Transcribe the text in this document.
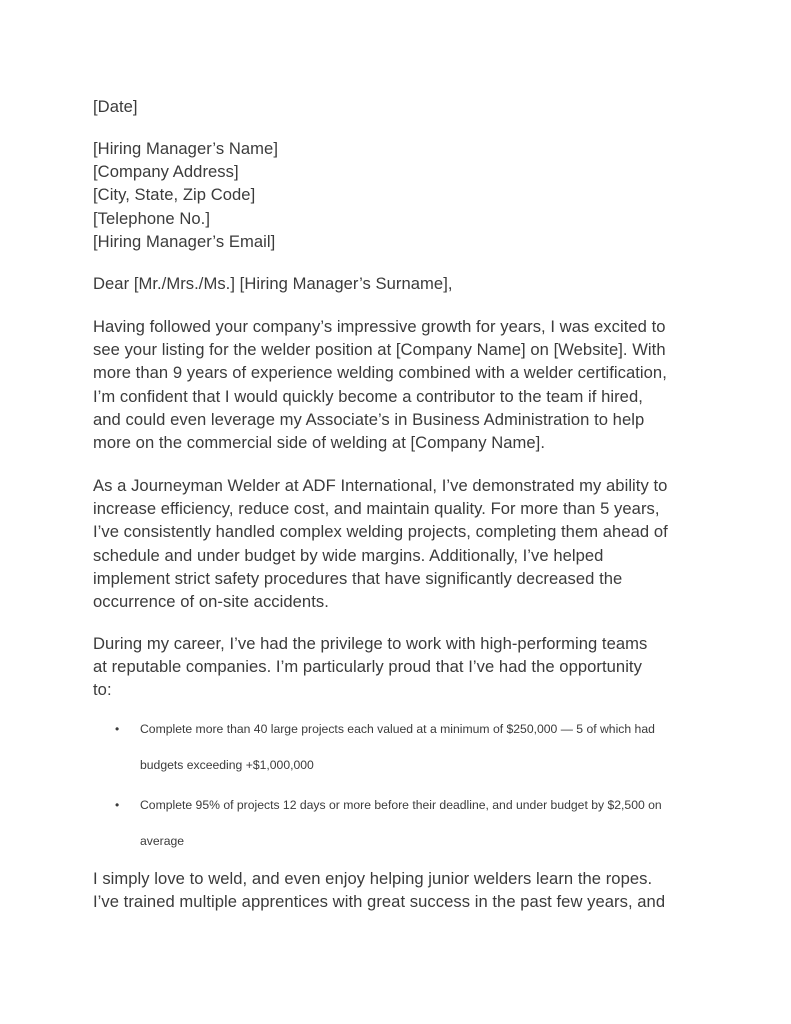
[Date]
[Hiring Manager’s Name]
[Company Address]
[City, State, Zip Code]
[Telephone No.]
[Hiring Manager’s Email]
Dear [Mr./Mrs./Ms.] [Hiring Manager’s Surname],
Having followed your company’s impressive growth for years, I was excited to
see your listing for the welder position at [Company Name] on [Website]. With
more than 9 years of experience welding combined with a welder certification,
I’m confident that I would quickly become a contributor to the team if hired,
and could even leverage my Associate’s in Business Administration to help
more on the commercial side of welding at [Company Name].
As a Journeyman Welder at ADF International, I’ve demonstrated my ability to
increase efficiency, reduce cost, and maintain quality. For more than 5 years,
I’ve consistently handled complex welding projects, completing them ahead of
schedule and under budget by wide margins. Additionally, I’ve helped
implement strict safety procedures that have significantly decreased the
occurrence of on-site accidents.
During my career, I’ve had the privilege to work with high-performing teams
at reputable companies. I’m particularly proud that I’ve had the opportunity
to:
• Complete more than 40 large projects each valued at a minimum of $250,000 — 5 of which had
budgets exceeding +$1,000,000
• Complete 95% of projects 12 days or more before their deadline, and under budget by $2,500 on
average
I simply love to weld, and even enjoy helping junior welders learn the ropes.
I’ve trained multiple apprentices with great success in the past few years, and
